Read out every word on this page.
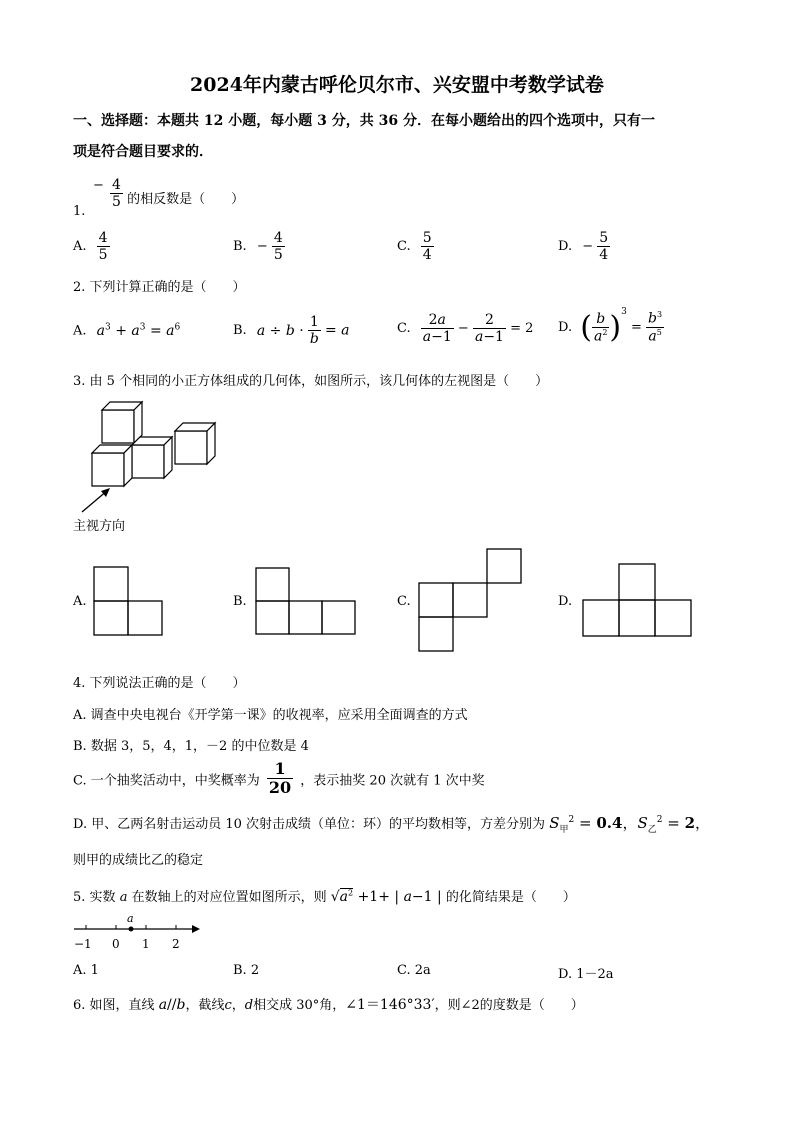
2024年内蒙古呼伦贝尔市、兴安盟中考数学试卷
一、选择题：本题共 12 小题，每小题 3 分，共 36 分．在每小题给出的四个选项中，只有一
项是符合题目要求的．
1.
− $\frac{4}{5}$ 的相反数是（　　）
A. $\frac{4}{5}$	B. − $\frac{4}{5}$	C. $\frac{5}{4}$	D. − $\frac{5}{4}$
2. 下列计算正确的是（　　）
A. $a^3 + a^3 = a^6$	B. $a \div b \cdot \frac{1}{b} = a$	C. $\frac{2a}{a-1} - \frac{2}{a-1} = 2$ D. ( $\frac{b}{a^2} )^3 = \frac{b^3}{a^5}$
3. 由 5 个相同的小正方体组成的几何体，如图所示，该几何体的左视图是（　　）
主视方向
A.	B.	C.	D.
4. 下列说法正确的是（　　）
A. 调查中央电视台《开学第一课》的收视率，应采用全面调查的方式
B. 数据 3，5，4，1，－2 的中位数是 4
C. 一个抽奖活动中，中奖概率为 $\frac{1}{20}$ ，表示抽奖 20 次就有 1 次中奖
D. 甲、乙两名射击运动员 10 次射击成绩（单位：环）的平均数相等，方差分别为 $S_甲^2 = 0.4$，$S_乙^2 = 2$，
则甲的成绩比乙的稳定
5. 实数 a 在数轴上的对应位置如图所示，则 $√a^2 +1+$ | a−1 | 的化简结果是（　　）
a
−1 0 1 2
A. 1	B. 2	C. 2a	D. 1－2a
6. 如图，直线 a//b，截线c，d相交成 30°角，∠1＝146°33′，则∠2的度数是（　　）
